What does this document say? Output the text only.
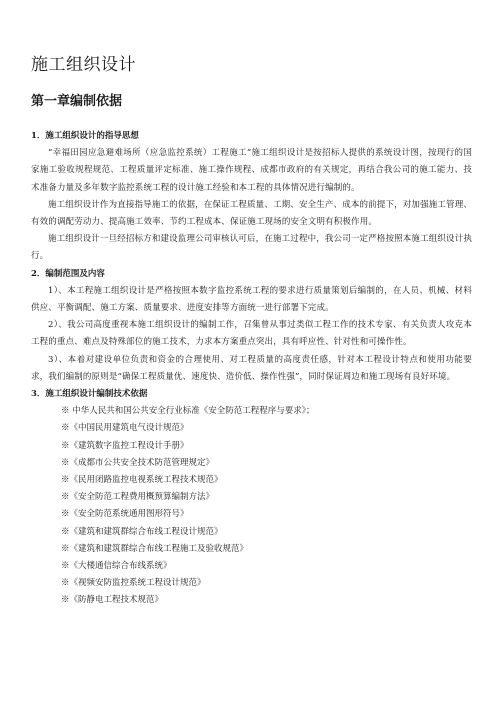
施工组织设计
第一章编制依据

1．施工组织设计的指导思想

“幸福田园应急避难场所（应急监控系统）工程施工”施工组织设计是按招标人提供的系统设计图，按现行的国家施工验收规程规范、工程质量评定标准、施工操作规程、成都市政府的有关规定，再结合我公司的施工能力、技术准备力量及多年数字监控系统工程的设计施工经验和本工程的具体情况进行编制的。

施工组织设计作为直接指导施工的依据，在保证工程质量、工期、安全生产、成本的前提下，对加强施工管理、有效的调配劳动力、提高施工效率、节约工程成本、保证施工现场的安全文明有积极作用。

施工组织设计一旦经招标方和建设监理公司审核认可后，在施工过程中，我公司一定严格按照本施工组织设计执行。

2．编制范围及内容

1）、本工程施工组织设计是严格按照本数字监控系统工程的要求进行质量策划后编制的，在人员、机械、材料供应、平衡调配、施工方案、质量要求、进度安排等方面统一进行部署下完成。

2）、我公司高度重视本施工组织设计的编制工作，召集曾从事过类似工程工作的技术专家、有关负责人攻克本工程的重点、难点及特殊部位的施工技术，力求本方案重点突出，具有呼应性、针对性和可操作性。

3）、本着对建设单位负责和资金的合理使用、对工程质量的高度责任感，针对本工程设计特点和使用功能要求，我们编制的原则是“确保工程质量优、速度快、造价低、操作性强”，同时保证周边和施工现场有良好环境。

3．施工组织设计编制技术依据

※ 中华人民共和国公共安全行业标准《安全防范工程程序与要求》；
※《中国民用建筑电气设计规范》
※《建筑数字监控工程设计手册》
※《成都市公共安全技术防范管理规定》
※《民用闭路监控电视系统工程技术规范》
※《安全防范工程费用概预算编制方法》
※《安全防范系统通用图形符号》
※《建筑和建筑群综合布线工程设计规范》
※《建筑和建筑群综合布线工程施工及验收规范》
※《大楼通信综合布线系统》
※《视频安防监控系统工程设计规范》
※《防静电工程技术规范》
